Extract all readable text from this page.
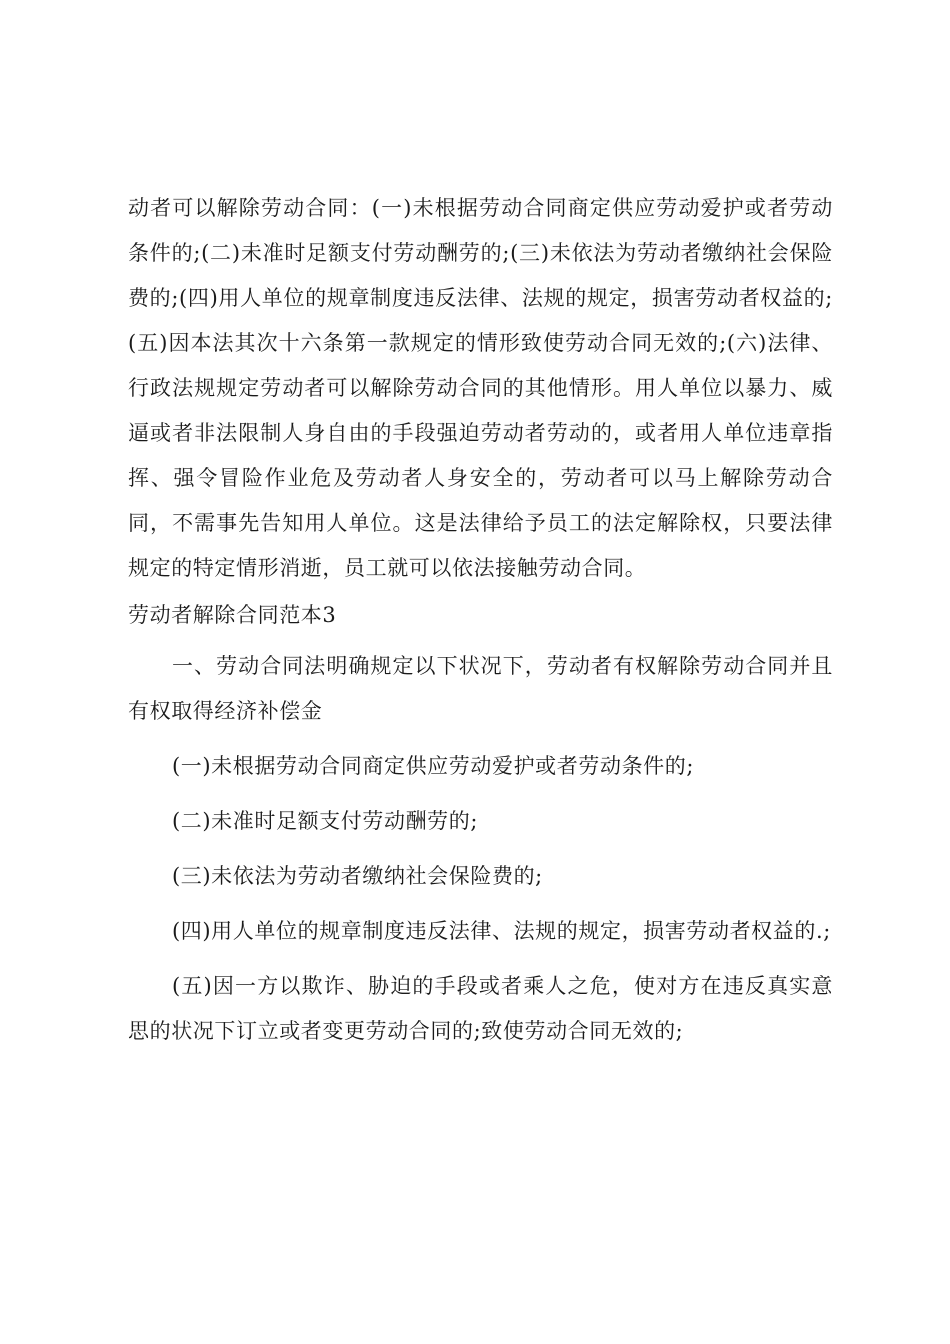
动者可以解除劳动合同：(一)未根据劳动合同商定供应劳动爱护或者劳动条件的;(二)未准时足额支付劳动酬劳的;(三)未依法为劳动者缴纳社会保险费的;(四)用人单位的规章制度违反法律、法规的规定，损害劳动者权益的;(五)因本法其次十六条第一款规定的情形致使劳动合同无效的;(六)法律、行政法规规定劳动者可以解除劳动合同的其他情形。用人单位以暴力、威逼或者非法限制人身自由的手段强迫劳动者劳动的，或者用人单位违章指挥、强令冒险作业危及劳动者人身安全的，劳动者可以马上解除劳动合同，不需事先告知用人单位。这是法律给予员工的法定解除权，只要法律规定的特定情形消逝，员工就可以依法接触劳动合同。

劳动者解除合同范本3

一、劳动合同法明确规定以下状况下，劳动者有权解除劳动合同并且有权取得经济补偿金

(一)未根据劳动合同商定供应劳动爱护或者劳动条件的;

(二)未准时足额支付劳动酬劳的;

(三)未依法为劳动者缴纳社会保险费的;

(四)用人单位的规章制度违反法律、法规的规定，损害劳动者权益的.;

(五)因一方以欺诈、胁迫的手段或者乘人之危，使对方在违反真实意思的状况下订立或者变更劳动合同的;致使劳动合同无效的;
